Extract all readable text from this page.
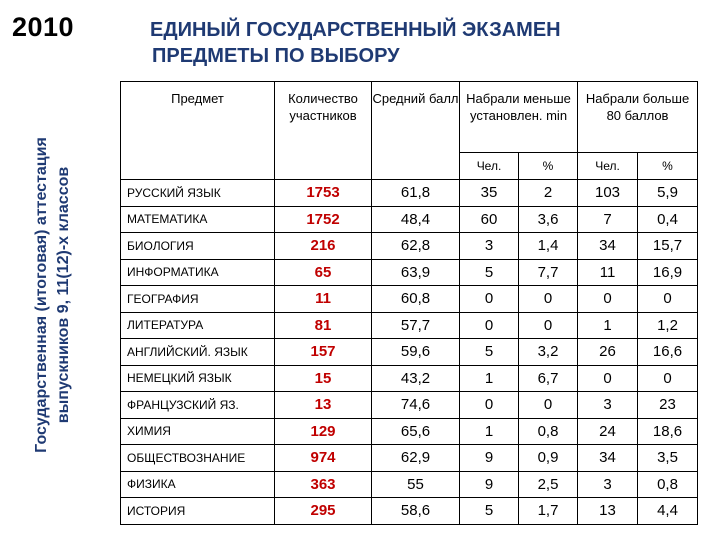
2010	ЕДИНЫЙ ГОСУДАРСТВЕННЫЙ ЭКЗАМЕН
ПРЕДМЕТЫ ПО ВЫБОРУ
Государственная (итоговая) аттестация выпускников 9, 11(12)-х классов
Предмет	Количество участников	Средний балл	Набрали меньше установлен. min		Набрали больше 80 баллов	
			Чел.	%	Чел.	%
РУССКИЙ ЯЗЫК	1753	61,8	35	2	103	5,9
МАТЕМАТИКА	1752	48,4	60	3,6	7	0,4
БИОЛОГИЯ	216	62,8	3	1,4	34	15,7
ИНФОРМАТИКА	65	63,9	5	7,7	11	16,9
ГЕОГРАФИЯ	11	60,8	0	0	0	0
ЛИТЕРАТУРА	81	57,7	0	0	1	1,2
АНГЛИЙСКИЙ. ЯЗЫК	157	59,6	5	3,2	26	16,6
НЕМЕЦКИЙ ЯЗЫК	15	43,2	1	6,7	0	0
ФРАНЦУЗСКИЙ ЯЗ.	13	74,6	0	0	3	23
ХИМИЯ	129	65,6	1	0,8	24	18,6
ОБЩЕСТВОЗНАНИЕ	974	62,9	9	0,9	34	3,5
ФИЗИКА	363	55	9	2,5	3	0,8
ИСТОРИЯ	295	58,6	5	1,7	13	4,4
